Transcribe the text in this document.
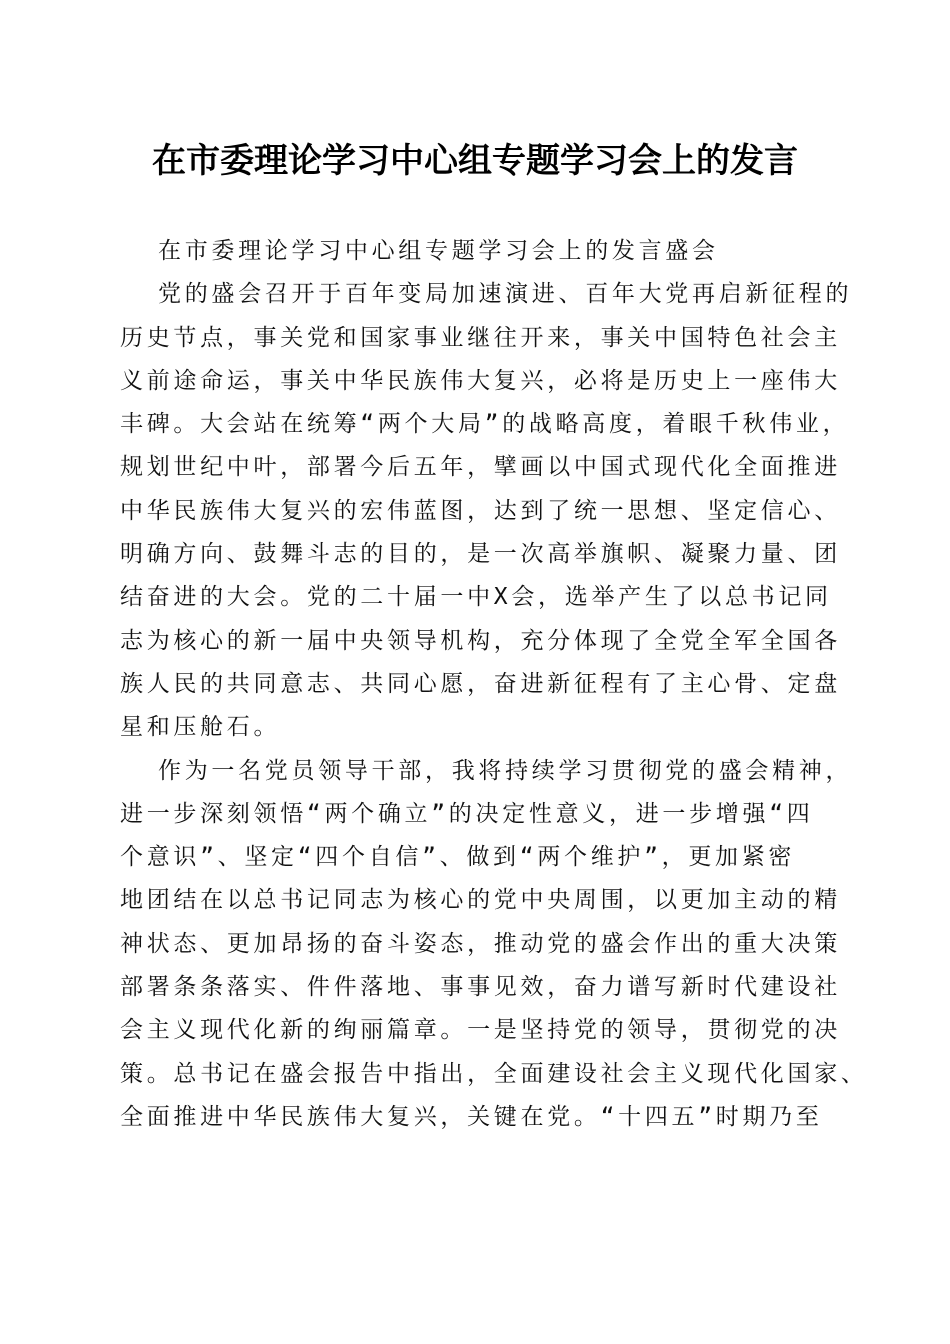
在市委理论学习中心组专题学习会上的发言
在市委理论学习中心组专题学习会上的发言盛会
党的盛会召开于百年变局加速演进、百年大党再启新征程的
历史节点，事关党和国家事业继往开来，事关中国特色社会主
义前途命运，事关中华民族伟大复兴，必将是历史上一座伟大
丰碑。大会站在统筹“两个大局”的战略高度，着眼千秋伟业，
规划世纪中叶，部署今后五年，擘画以中国式现代化全面推进
中华民族伟大复兴的宏伟蓝图，达到了统一思想、坚定信心、
明确方向、鼓舞斗志的目的，是一次高举旗帜、凝聚力量、团
结奋进的大会。党的二十届一中X会，选举产生了以总书记同
志为核心的新一届中央领导机构，充分体现了全党全军全国各
族人民的共同意志、共同心愿，奋进新征程有了主心骨、定盘
星和压舱石。
作为一名党员领导干部，我将持续学习贯彻党的盛会精神，
进一步深刻领悟“两个确立”的决定性意义，进一步增强“四
个意识”、坚定“四个自信”、做到“两个维护”，更加紧密
地团结在以总书记同志为核心的党中央周围，以更加主动的精
神状态、更加昂扬的奋斗姿态，推动党的盛会作出的重大决策
部署条条落实、件件落地、事事见效，奋力谱写新时代建设社
会主义现代化新的绚丽篇章。一是坚持党的领导，贯彻党的决
策。总书记在盛会报告中指出，全面建设社会主义现代化国家、
全面推进中华民族伟大复兴，关键在党。“十四五”时期乃至
